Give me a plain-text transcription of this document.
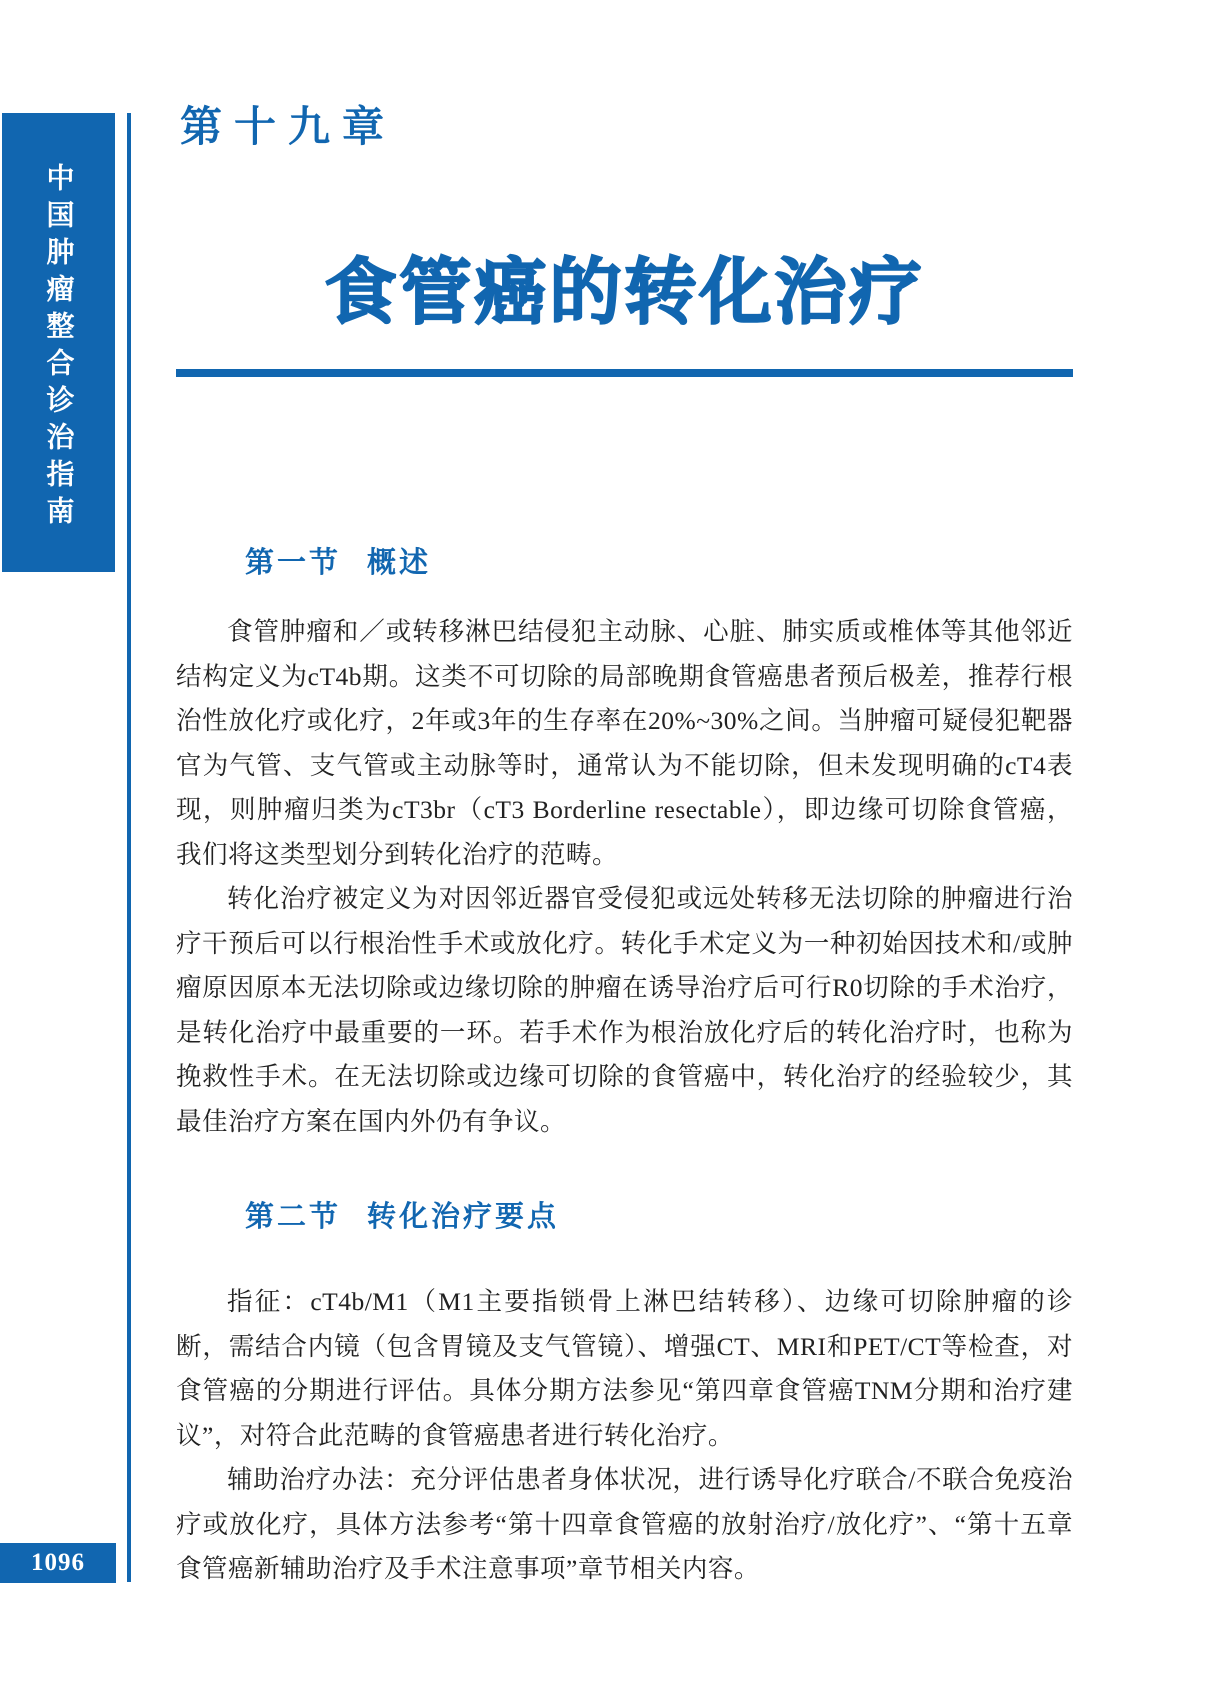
中国肿瘤整合诊治指南
第十九章
食管癌的转化治疗
第一节 概述

食管肿瘤和／或转移淋巴结侵犯主动脉、心脏、肺实质或椎体等其他邻近结构定义为cT4b期。这类不可切除的局部晚期食管癌患者预后极差，推荐行根治性放化疗或化疗，2年或3年的生存率在20%~30%之间。当肿瘤可疑侵犯靶器官为气管、支气管或主动脉等时，通常认为不能切除，但未发现明确的cT4表现，则肿瘤归类为cT3br（cT3 Borderline resectable），即边缘可切除食管癌，我们将这类型划分到转化治疗的范畴。

转化治疗被定义为对因邻近器官受侵犯或远处转移无法切除的肿瘤进行治疗干预后可以行根治性手术或放化疗。转化手术定义为一种初始因技术和/或肿瘤原因原本无法切除或边缘切除的肿瘤在诱导治疗后可行R0切除的手术治疗，是转化治疗中最重要的一环。若手术作为根治放化疗后的转化治疗时，也称为挽救性手术。在无法切除或边缘可切除的食管癌中，转化治疗的经验较少，其最佳治疗方案在国内外仍有争议。

第二节 转化治疗要点

指征：cT4b/M1（M1主要指锁骨上淋巴结转移）、边缘可切除肿瘤的诊断，需结合内镜（包含胃镜及支气管镜）、增强CT、MRI和PET/CT等检查，对食管癌的分期进行评估。具体分期方法参见“第四章食管癌TNM分期和治疗建议”，对符合此范畴的食管癌患者进行转化治疗。

辅助治疗办法：充分评估患者身体状况，进行诱导化疗联合/不联合免疫治疗或放化疗，具体方法参考“第十四章食管癌的放射治疗/放化疗”、“第十五章食管癌新辅助治疗及手术注意事项”章节相关内容。

1096
